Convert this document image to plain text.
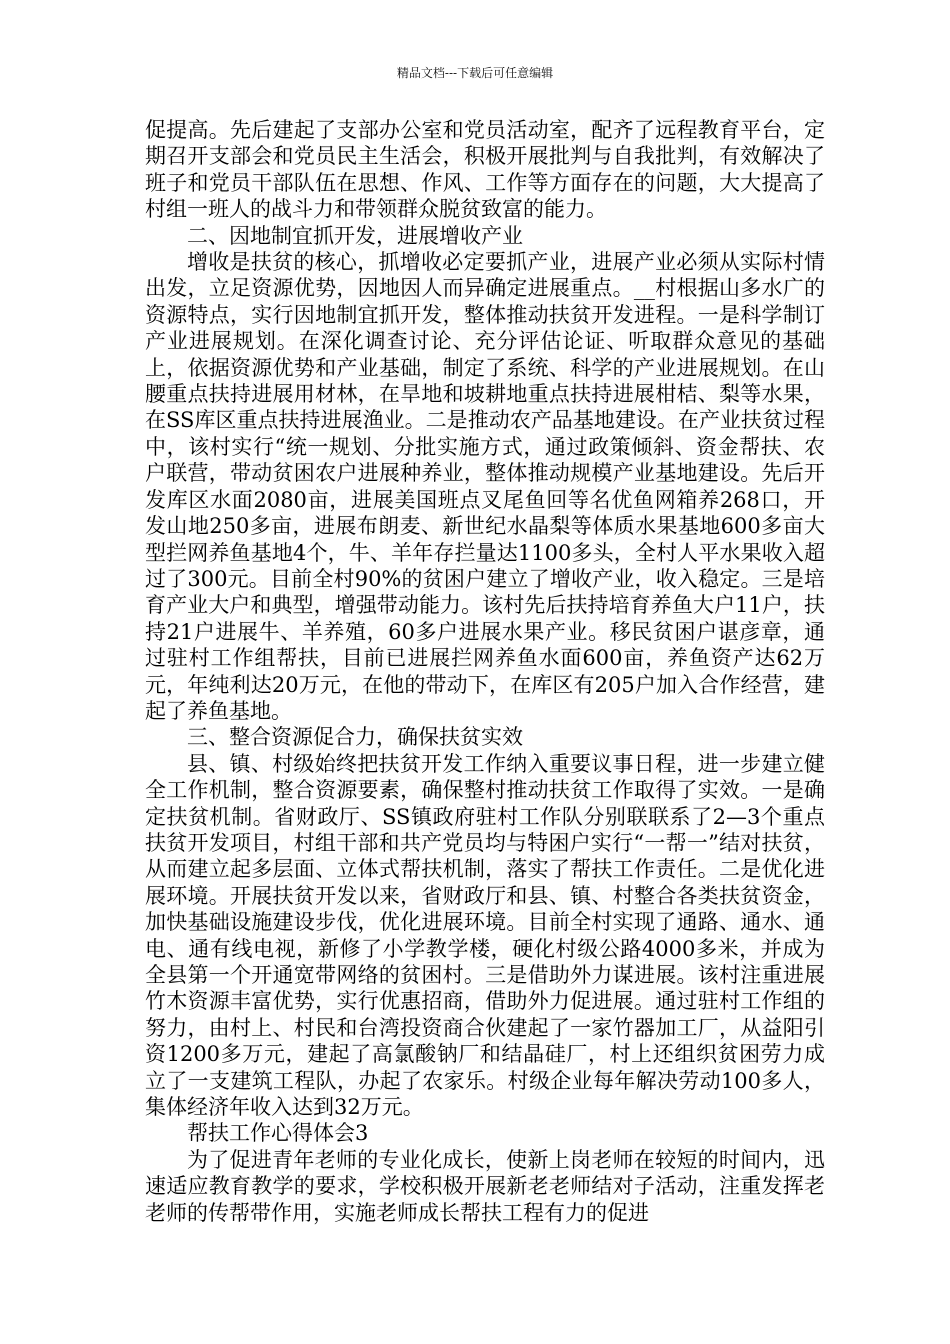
精品文档---下载后可任意编辑

促提高。先后建起了支部办公室和党员活动室，配齐了远程教育平台，定期召开支部会和党员民主生活会，积极开展批判与自我批判，有效解决了班子和党员干部队伍在思想、作风、工作等方面存在的问题，大大提高了村组一班人的战斗力和带领群众脱贫致富的能力。

二、因地制宜抓开发，进展增收产业

增收是扶贫的核心，抓增收必定要抓产业，进展产业必须从实际村情出发，立足资源优势，因地因人而异确定进展重点。__村根据山多水广的资源特点，实行因地制宜抓开发，整体推动扶贫开发进程。一是科学制订产业进展规划。在深化调查讨论、充分评估论证、听取群众意见的基础上，依据资源优势和产业基础，制定了系统、科学的产业进展规划。在山腰重点扶持进展用材林，在旱地和坡耕地重点扶持进展柑桔、梨等水果，在SS库区重点扶持进展渔业。二是推动农产品基地建设。在产业扶贫过程中，该村实行“统一规划、分批实施方式，通过政策倾斜、资金帮扶、农户联营，带动贫困农户进展种养业，整体推动规模产业基地建设。先后开发库区水面2080亩，进展美国班点叉尾鱼回等名优鱼网箱养268口，开发山地250多亩，进展布朗麦、新世纪水晶梨等体质水果基地600多亩大型拦网养鱼基地4个，牛、羊年存拦量达1100多头，全村人平水果收入超过了300元。目前全村90%的贫困户建立了增收产业，收入稳定。三是培育产业大户和典型，增强带动能力。该村先后扶持培育养鱼大户11户，扶持21户进展牛、羊养殖，60多户进展水果产业。移民贫困户谌彦章，通过驻村工作组帮扶，目前已进展拦网养鱼水面600亩，养鱼资产达62万元，年纯利达20万元，在他的带动下，在库区有205户加入合作经营，建起了养鱼基地。

三、整合资源促合力，确保扶贫实效

县、镇、村级始终把扶贫开发工作纳入重要议事日程，进一步建立健全工作机制，整合资源要素，确保整村推动扶贫工作取得了实效。一是确定扶贫机制。省财政厅、SS镇政府驻村工作队分别联联系了2—3个重点扶贫开发项目，村组干部和共产党员均与特困户实行“一帮一”结对扶贫，从而建立起多层面、立体式帮扶机制，落实了帮扶工作责任。二是优化进展环境。开展扶贫开发以来，省财政厅和县、镇、村整合各类扶贫资金，加快基础设施建设步伐，优化进展环境。目前全村实现了通路、通水、通电、通有线电视，新修了小学教学楼，硬化村级公路4000多米，并成为全县第一个开通宽带网络的贫困村。三是借助外力谋进展。该村注重进展竹木资源丰富优势，实行优惠招商，借助外力促进展。通过驻村工作组的努力，由村上、村民和台湾投资商合伙建起了一家竹器加工厂，从益阳引资1200多万元，建起了高氯酸钠厂和结晶硅厂，村上还组织贫困劳力成立了一支建筑工程队，办起了农家乐。村级企业每年解决劳动100多人，集体经济年收入达到32万元。

帮扶工作心得体会3

为了促进青年老师的专业化成长，使新上岗老师在较短的时间内，迅速适应教育教学的要求，学校积极开展新老老师结对子活动，注重发挥老老师的传帮带作用，实施老师成长帮扶工程有力的促进
